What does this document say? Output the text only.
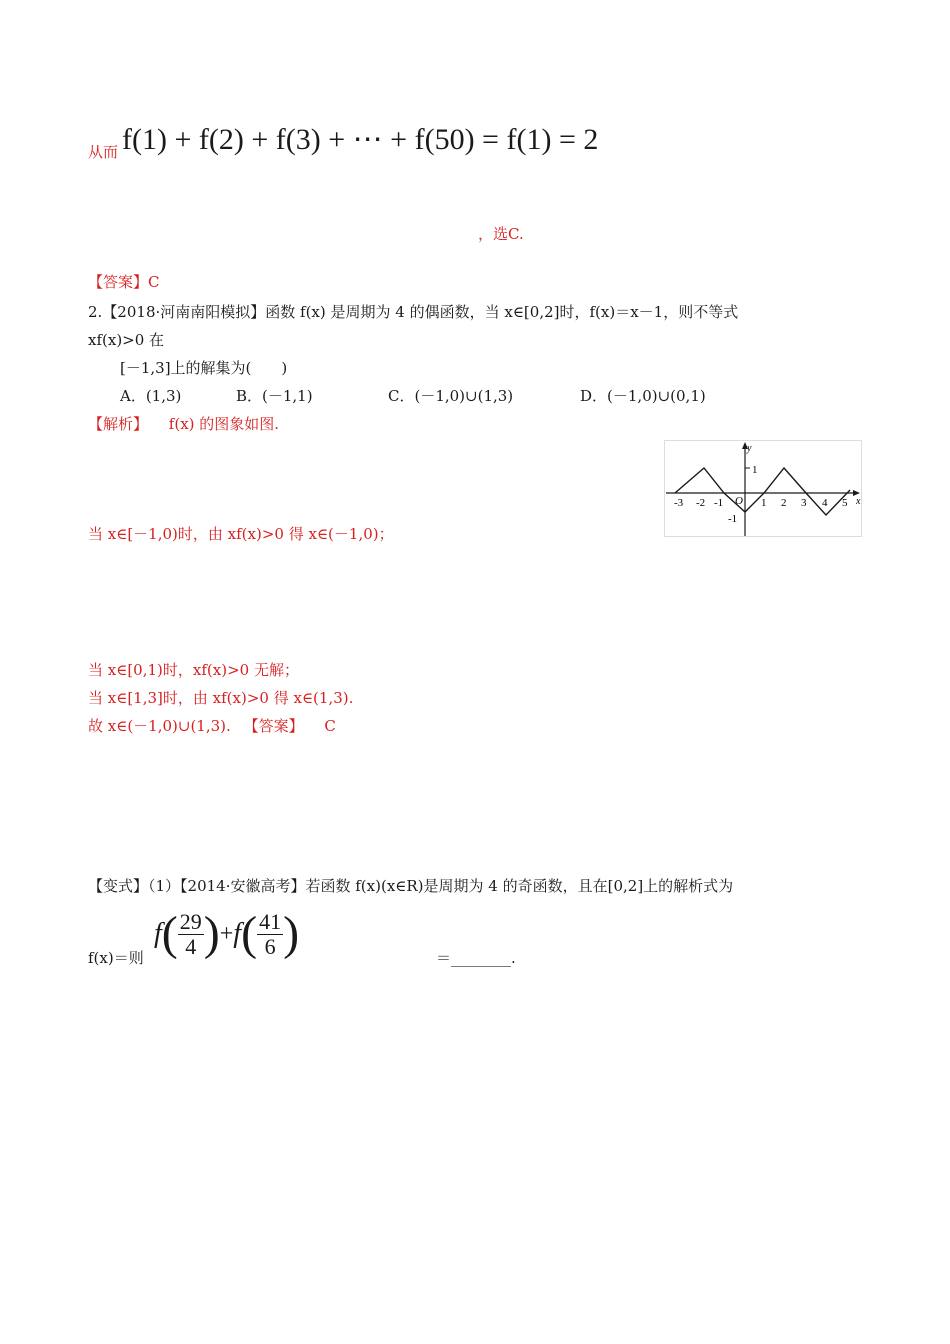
从而 f(1) + f(2) + f(3) + ⋯ + f(50) = f(1) = 2
，选C.
【答案】C
2.【2018·河南南阳模拟】函数 f(x) 是周期为 4 的偶函数，当 x∈[0,2]时，f(x)＝x－1，则不等式
xf(x)>0 在
[－1,3]上的解集为(　　)
A．(1,3)	B．(－1,1)	C．(－1,0)∪(1,3)	D．(－1,0)∪(0,1)
【解析】 f(x) 的图象如图.
1
-1
y
x
-3 -2 -1 O 1 2 3 4 5
当 x∈[－1,0)时，由 xf(x)>0 得 x∈(－1,0)；
当 x∈[0,1)时，xf(x)>0 无解；
当 x∈[1,3]时，由 xf(x)>0 得 x∈(1,3).
故 x∈(－1,0)∪(1,3). 【答案】 C
【变式】（1）【2014·安徽高考】若函数 f(x)(x∈R)是周期为 4 的奇函数，且在[0,2]上的解析式为
$f( \frac{29}{4} )+f( \frac{41}{6}$ )
f(x)＝则	＝________.
